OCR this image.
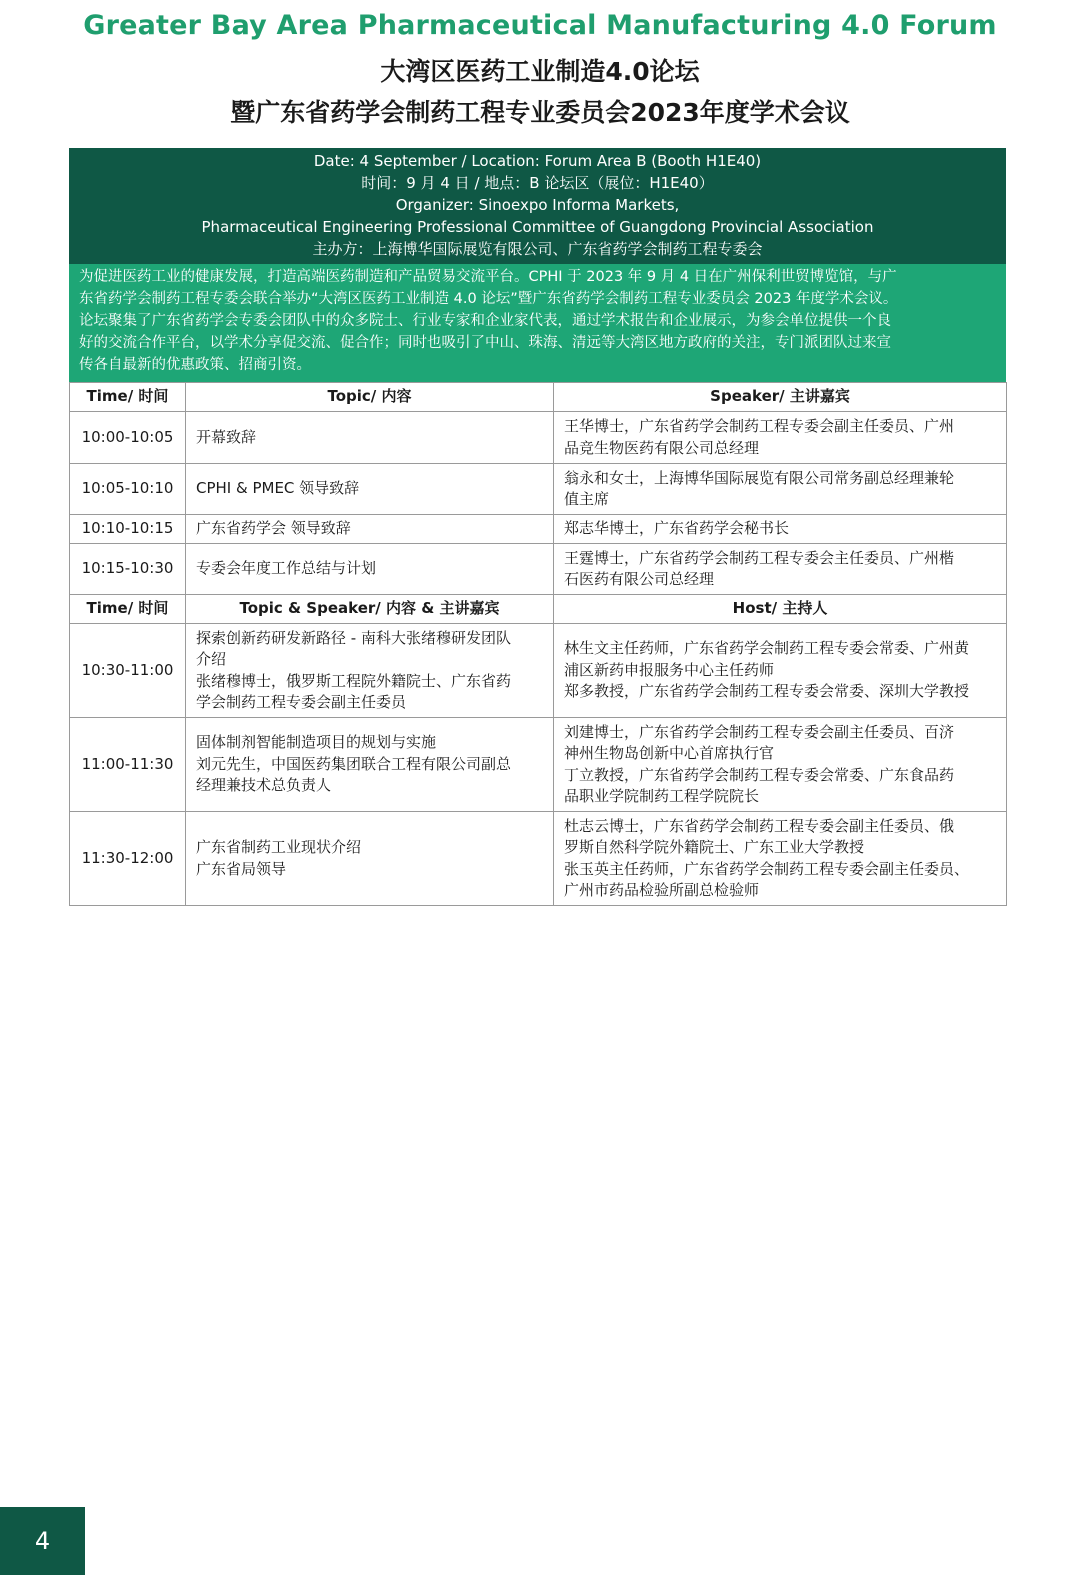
Greater Bay Area Pharmaceutical Manufacturing 4.0 Forum
大湾区医药工业制造4.0论坛
暨广东省药学会制药工程专业委员会2023年度学术会议
Date: 4 September / Location: Forum Area B (Booth H1E40)
时间：9 月 4 日 / 地点：B 论坛区（展位：H1E40）
Organizer: Sinoexpo Informa Markets,
Pharmaceutical Engineering Professional Committee of Guangdong Provincial Association
主办方：上海博华国际展览有限公司、广东省药学会制药工程专委会
为促进医药工业的健康发展，打造高端医药制造和产品贸易交流平台。CPHI 于 2023 年 9 月 4 日在广州保利世贸博览馆，与广
东省药学会制药工程专委会联合举办“大湾区医药工业制造 4.0 论坛”暨广东省药学会制药工程专业委员会 2023 年度学术会议。
论坛聚集了广东省药学会专委会团队中的众多院士、行业专家和企业家代表，通过学术报告和企业展示，为参会单位提供一个良
好的交流合作平台，以学术分享促交流、促合作；同时也吸引了中山、珠海、清远等大湾区地方政府的关注，专门派团队过来宣
传各自最新的优惠政策、招商引资。
Time/ 时间	Topic/ 内容	Speaker/ 主讲嘉宾
10:00-10:05	开幕致辞	王华博士，广东省药学会制药工程专委会副主任委员、广州
品竞生物医药有限公司总经理

10:05-10:10	CPHI & PMEC 领导致辞	翁永和女士，上海博华国际展览有限公司常务副总经理兼轮
值主席

10:10-10:15	广东省药学会 领导致辞	郑志华博士，广东省药学会秘书长

10:15-10:30	专委会年度工作总结与计划	王霆博士，广东省药学会制药工程专委会主任委员、广州楷
石医药有限公司总经理

Time/ 时间	Topic & Speaker/ 内容 & 主讲嘉宾	Host/ 主持人
10:30-11:00	探索创新药研发新路径 - 南科大张绪穆研发团队
介绍
张绪穆博士，俄罗斯工程院外籍院士、广东省药
学会制药工程专委会副主任委员	林生文主任药师，广东省药学会制药工程专委会常委、广州黄
浦区新药申报服务中心主任药师
郑多教授，广东省药学会制药工程专委会常委、深圳大学教授

11:00-11:30	固体制剂智能制造项目的规划与实施
刘元先生，中国医药集团联合工程有限公司副总
经理兼技术总负责人	刘建博士，广东省药学会制药工程专委会副主任委员、百济
神州生物岛创新中心首席执行官
丁立教授，广东省药学会制药工程专委会常委、广东食品药
品职业学院制药工程学院院长

11:30-12:00	广东省制药工业现状介绍
广东省局领导	杜志云博士，广东省药学会制药工程专委会副主任委员、俄
罗斯自然科学院外籍院士、广东工业大学教授
张玉英主任药师，广东省药学会制药工程专委会副主任委员、
广州市药品检验所副总检验师
4
